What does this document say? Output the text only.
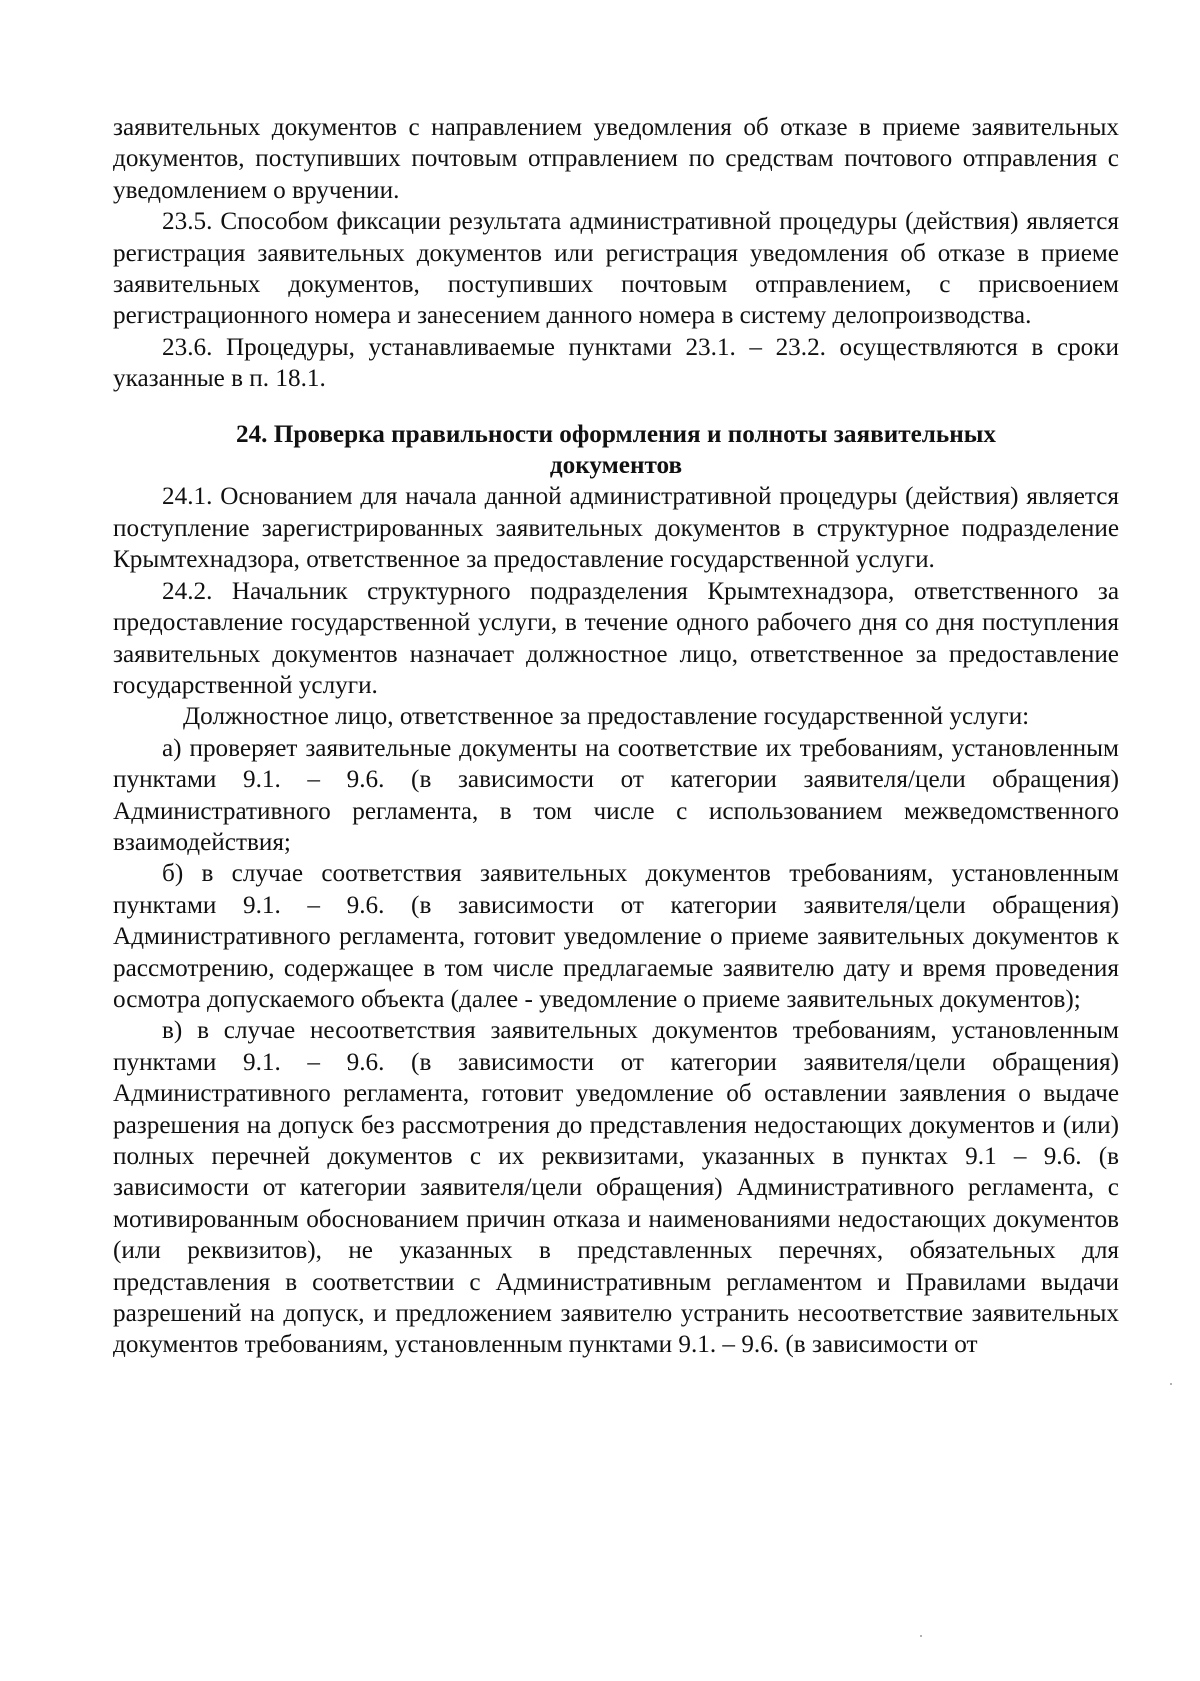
заявительных документов с направлением уведомления об отказе в приеме заявительных документов, поступивших почтовым отправлением по средствам почтового отправления с уведомлением о вручении.

23.5. Способом фиксации результата административной процедуры (действия) является регистрация заявительных документов или регистрация уведомления об отказе в приеме заявительных документов, поступивших почтовым отправлением, с присвоением регистрационного номера и занесением данного номера в систему делопроизводства.

23.6. Процедуры, устанавливаемые пунктами 23.1. – 23.2. осуществляются в сроки указанные в п. 18.1.

24. Проверка правильности оформления и полноты заявительных документов

24.1. Основанием для начала данной административной процедуры (действия) является поступление зарегистрированных заявительных документов в структурное подразделение Крымтехнадзора, ответственное за предоставление государственной услуги.

24.2. Начальник структурного подразделения Крымтехнадзора, ответственного за предоставление государственной услуги, в течение одного рабочего дня со дня поступления заявительных документов назначает должностное лицо, ответственное за предоставление государственной услуги.

Должностное лицо, ответственное за предоставление государственной услуги:

а) проверяет заявительные документы на соответствие их требованиям, установленным пунктами 9.1. – 9.6. (в зависимости от категории заявителя/цели обращения) Административного регламента, в том числе с использованием межведомственного взаимодействия;

б) в случае соответствия заявительных документов требованиям, установленным пунктами 9.1. – 9.6. (в зависимости от категории заявителя/цели обращения) Административного регламента, готовит уведомление о приеме заявительных документов к рассмотрению, содержащее в том числе предлагаемые заявителю дату и время проведения осмотра допускаемого объекта (далее - уведомление о приеме заявительных документов);

в) в случае несоответствия заявительных документов требованиям, установленным пунктами 9.1. – 9.6. (в зависимости от категории заявителя/цели обращения) Административного регламента, готовит уведомление об оставлении заявления о выдаче разрешения на допуск без рассмотрения до представления недостающих документов и (или) полных перечней документов с их реквизитами, указанных в пунктах 9.1 – 9.6. (в зависимости от категории заявителя/цели обращения) Административного регламента, с мотивированным обоснованием причин отказа и наименованиями недостающих документов (или реквизитов), не указанных в представленных перечнях, обязательных для представления в соответствии с Административным регламентом и Правилами выдачи разрешений на допуск, и предложением заявителю устранить несоответствие заявительных документов требованиям, установленным пунктами 9.1. – 9.6. (в зависимости от
